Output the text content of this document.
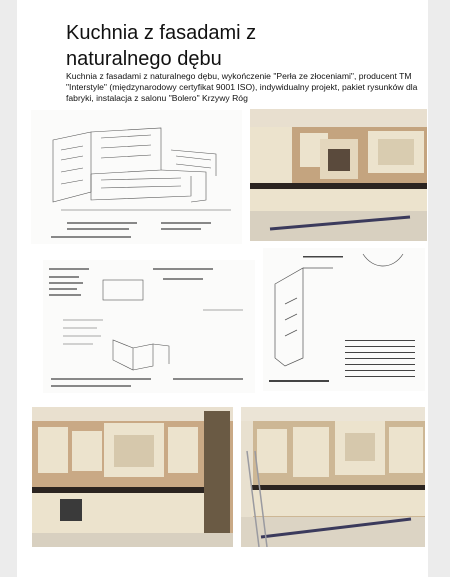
Kuchnia z fasadami z naturalnego dębu

Kuchnia z fasadami z naturalnego dębu, wykończenie "Perła ze złoceniami", producent TM "Interstyle" (międzynarodowy certyfikat 9001 ISO), indywidualny projekt, pakiet rysunków dla fabryki, instalacja z salonu "Bolero" Krzywy Róg
